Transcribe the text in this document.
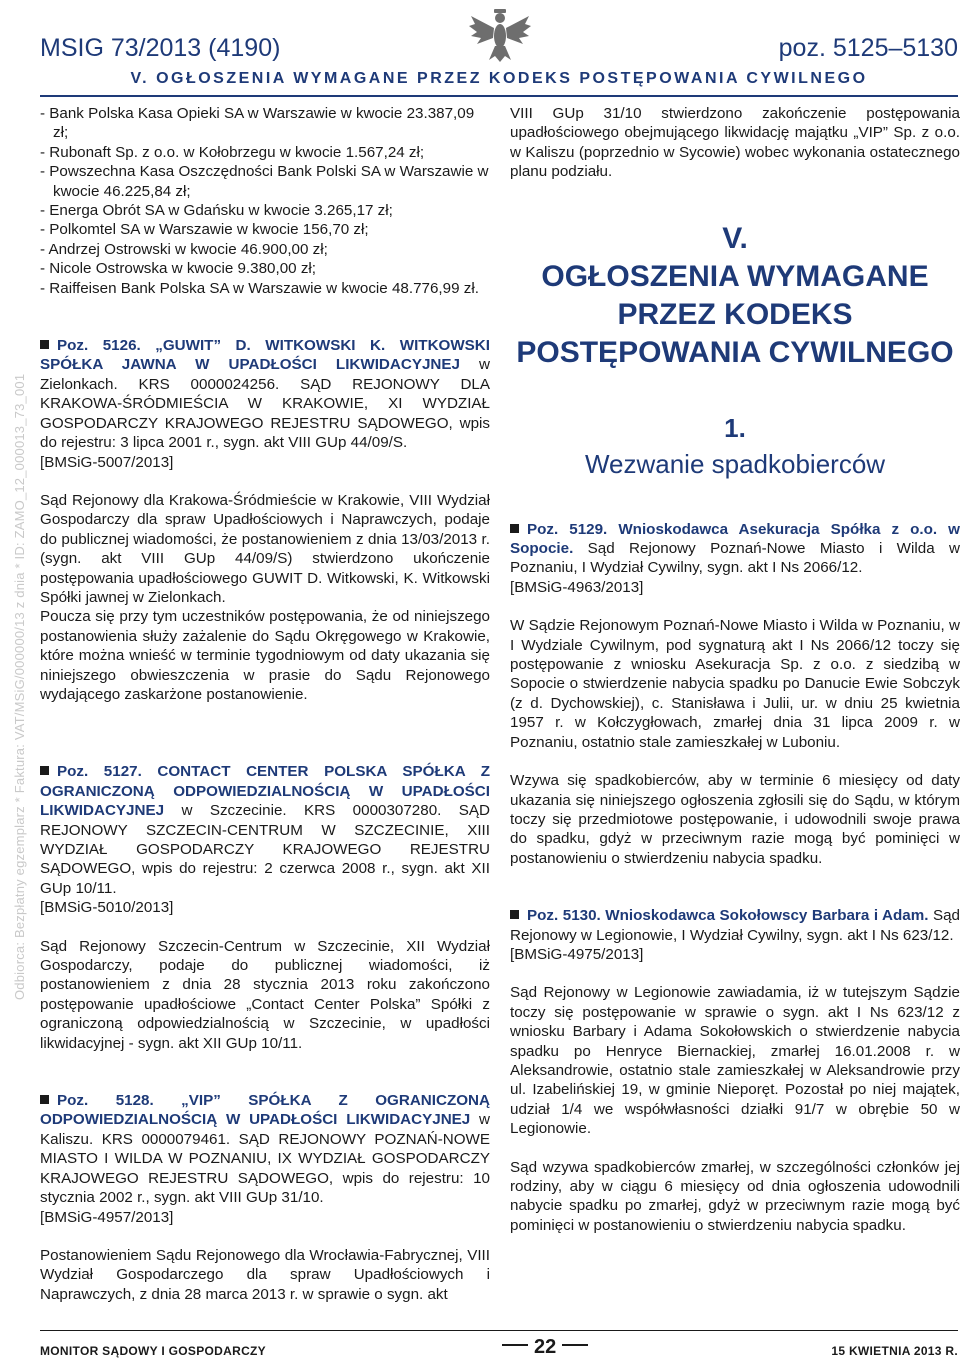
Odbiorca: Bezpłatny egzemplarz * Faktura: VAT/MSiG/000000/13 z dnia * ID: ZAMO_12_000013_73_001
MSIG 73/2013 (4190)	poz. 5125–5130
V. OGŁOSZENIA WYMAGANE PRZEZ KODEKS POSTĘPOWANIA CYWILNEGO
- Bank Polska Kasa Opieki SA w Warszawie w kwocie 23.387,09 zł;
- Rubonaft Sp. z o.o. w Kołobrzegu w kwocie 1.567,24 zł;
- Powszechna Kasa Oszczędności Bank Polski SA w Warszawie w kwocie 46.225,84 zł;
- Energa Obrót SA w Gdańsku w kwocie 3.265,17 zł;
- Polkomtel SA w Warszawie w kwocie 156,70 zł;
- Andrzej Ostrowski w kwocie 46.900,00 zł;
- Nicole Ostrowska w kwocie 9.380,00 zł;
- Raiffeisen Bank Polska SA w Warszawie w kwocie 48.776,99 zł.

Poz. 5126. „GUWIT” D. WITKOWSKI K. WITKOWSKI SPÓŁKA JAWNA W UPADŁOŚCI LIKWIDACYJNEJ w Zielonkach. KRS 0000024256. SĄD REJONOWY DLA KRAKOWA-ŚRÓDMIEŚCIA W KRAKOWIE, XI WYDZIAŁ GOSPODARCZY KRAJOWEGO REJESTRU SĄDOWEGO, wpis do rejestru: 3 lipca 2001 r., sygn. akt VIII GUp 44/09/S.

[BMSiG-5007/2013]

Sąd Rejonowy dla Krakowa-Śródmieście w Krakowie, VIII Wydział Gospodarczy dla spraw Upadłościowych i Naprawczych, podaje do publicznej wiadomości, że postanowieniem z dnia 13/03/2013 r. (sygn. akt VIII GUp 44/09/S) stwierdzono ukończenie postępowania upadłościowego GUWIT D. Witkowski, K. Witkowski Spółki jawnej w Zielonkach.

Poucza się przy tym uczestników postępowania, że od niniejszego postanowienia służy zażalenie do Sądu Okręgowego w Krakowie, które można wnieść w terminie tygodniowym od daty ukazania się niniejszego obwieszczenia w prasie do Sądu Rejonowego wydającego zaskarżone postanowienie.

Poz. 5127. CONTACT CENTER POLSKA SPÓŁKA Z OGRANICZONĄ ODPOWIEDZIALNOŚCIĄ W UPADŁOŚCI LIKWIDACYJNEJ w Szczecinie. KRS 0000307280. SĄD REJONOWY SZCZECIN-CENTRUM W SZCZECINIE, XIII WYDZIAŁ GOSPODARCZY KRAJOWEGO REJESTRU SĄDOWEGO, wpis do rejestru: 2 czerwca 2008 r., sygn. akt XII GUp 10/11.

[BMSiG-5010/2013]

Sąd Rejonowy Szczecin-Centrum w Szczecinie, XII Wydział Gospodarczy, podaje do publicznej wiadomości, iż postanowieniem z dnia 28 stycznia 2013 roku zakończono postępowanie upadłościowe „Contact Center Polska” Spółki z ograniczoną odpowiedzialnością w Szczecinie, w upadłości likwidacyjnej - sygn. akt XII GUp 10/11.

Poz. 5128. „VIP” SPÓŁKA Z OGRANICZONĄ ODPOWIEDZIALNOŚCIĄ W UPADŁOŚCI LIKWIDACYJNEJ w Kaliszu. KRS 0000079461. SĄD REJONOWY POZNAŃ-NOWE MIASTO I WILDA W POZNANIU, IX WYDZIAŁ GOSPODARCZY KRAJOWEGO REJESTRU SĄDOWEGO, wpis do rejestru: 10 stycznia 2002 r., sygn. akt VIII GUp 31/10.

[BMSiG-4957/2013]

Postanowieniem Sądu Rejonowego dla Wrocławia-Fabrycznej, VIII Wydział Gospodarczego dla spraw Upadłościowych i Naprawczych, z dnia 28 marca 2013 r. w sprawie o sygn. akt

VIII GUp 31/10 stwierdzono zakończenie postępowania upadłościowego obejmującego likwidację majątku „VIP” Sp. z o.o. w Kaliszu (poprzednio w Sycowie) wobec wykonania ostatecznego planu podziału.

V.
OGŁOSZENIA WYMAGANE PRZEZ KODEKS POSTĘPOWANIA CYWILNEGO
1.
Wezwanie spadkobierców

Poz. 5129. Wnioskodawca Asekuracja Spółka z o.o. w Sopocie. Sąd Rejonowy Poznań-Nowe Miasto i Wilda w Poznaniu, I Wydział Cywilny, sygn. akt I Ns 2066/12.

[BMSiG-4963/2013]

W Sądzie Rejonowym Poznań-Nowe Miasto i Wilda w Poznaniu, w I Wydziale Cywilnym, pod sygnaturą akt I Ns 2066/12 toczy się postępowanie z wniosku Asekuracja Sp. z o.o. z siedzibą w Sopocie o stwierdzenie nabycia spadku po Danucie Ewie Sobczyk (z d. Dychowskiej), c. Stanisława i Julii, ur. w dniu 25 kwietnia 1957 r. w Kołczygłowach, zmarłej dnia 31 lipca 2009 r. w Poznaniu, ostatnio stale zamieszkałej w Luboniu.

Wzywa się spadkobierców, aby w terminie 6 miesięcy od daty ukazania się niniejszego ogłoszenia zgłosili się do Sądu, w którym toczy się przedmiotowe postępowanie, i udowodnili swoje prawa do spadku, gdyż w przeciwnym razie mogą być pominięci w postanowieniu o stwierdzeniu nabycia spadku.

Poz. 5130. Wnioskodawca Sokołowscy Barbara i Adam. Sąd Rejonowy w Legionowie, I Wydział Cywilny, sygn. akt I Ns 623/12.

[BMSiG-4975/2013]

Sąd Rejonowy w Legionowie zawiadamia, iż w tutejszym Sądzie toczy się postępowanie w sprawie o sygn. akt I Ns 623/12 z wniosku Barbary i Adama Sokołowskich o stwierdzenie nabycia spadku po Henryce Biernackiej, zmarłej 16.01.2008 r. w Aleksandrowie, ostatnio stale zamieszkałej w Aleksandrowie przy ul. Izabelińskiej 19, w gminie Nieporęt. Pozostał po niej majątek, udział 1/4 we współwłasności działki 91/7 w obrębie 50 w Legionowie.

Sąd wzywa spadkobierców zmarłej, w szczególności członków jej rodziny, aby w ciągu 6 miesięcy od dnia ogłoszenia udowodnili nabycie spadku po zmarłej, gdyż w przeciwnym razie mogą być pominięci w postanowieniu o stwierdzeniu nabycia spadku.

MONITOR SĄDOWY I GOSPODARCZY	22	15 KWIETNIA 2013 R.
